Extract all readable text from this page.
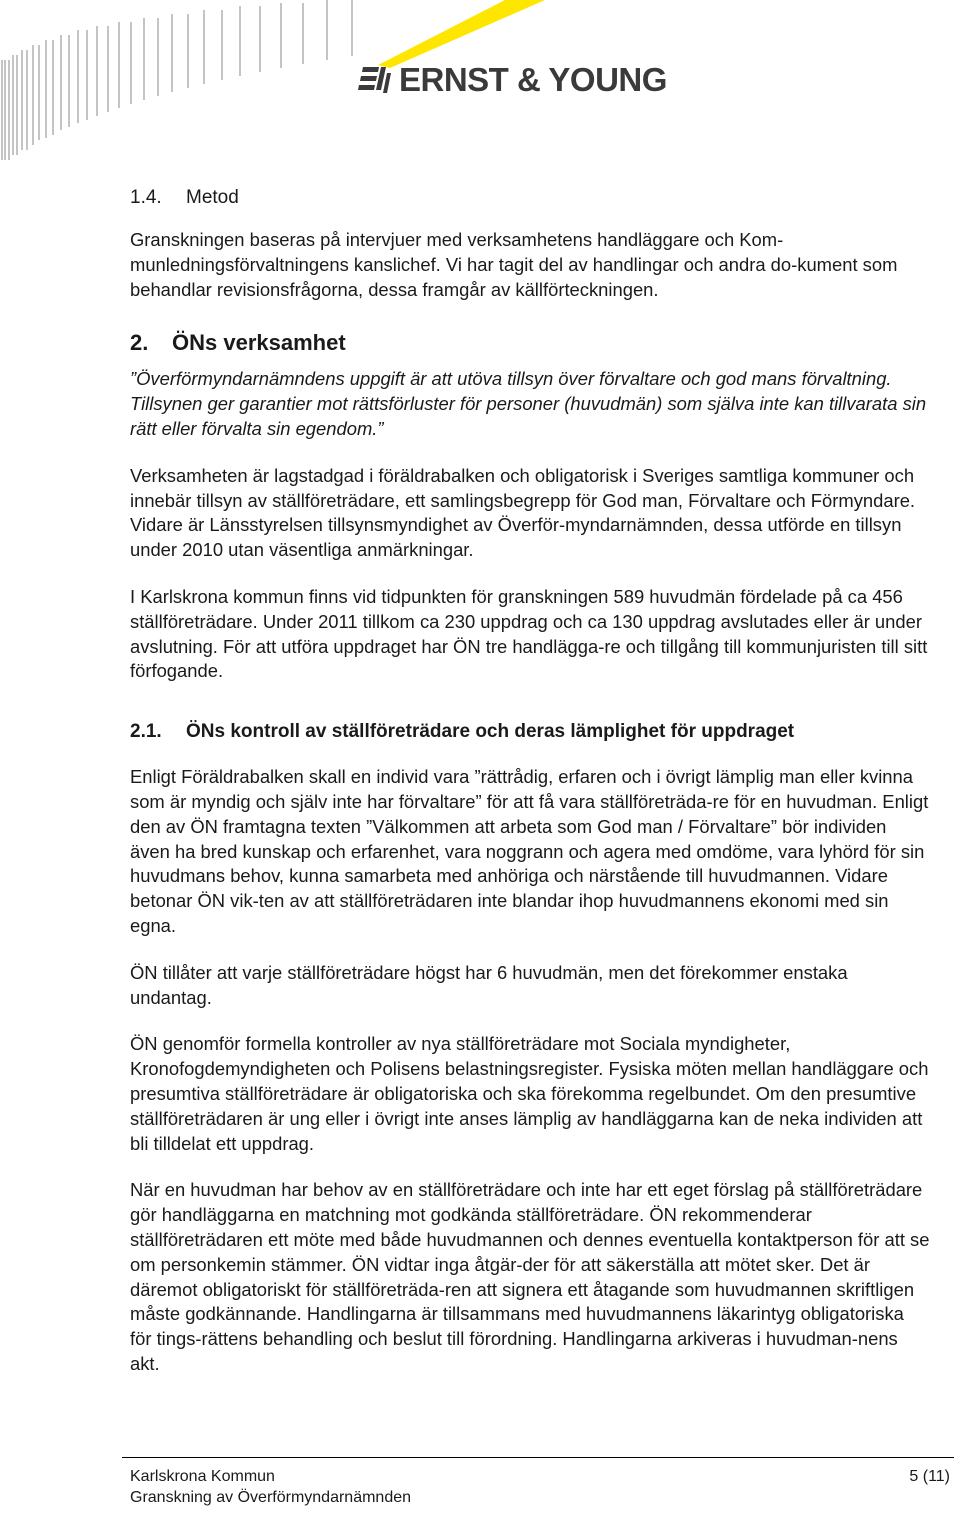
ERNST & YOUNG
1.4.	Metod

Granskningen baseras på intervjuer med verksamhetens handläggare och Kom-munledningsförvaltningens kanslichef. Vi har tagit del av handlingar och andra do-kument som behandlar revisionsfrågorna, dessa framgår av källförteckningen.

2. ÖNs verksamhet

”Överförmyndarnämndens uppgift är att utöva tillsyn över förvaltare och god mans förvaltning. Tillsynen ger garantier mot rättsförluster för personer (huvudmän) som själva inte kan tillvarata sin rätt eller förvalta sin egendom.”

Verksamheten är lagstadgad i föräldrabalken och obligatorisk i Sveriges samtliga kommuner och innebär tillsyn av ställföreträdare, ett samlingsbegrepp för God man, Förvaltare och Förmyndare. Vidare är Länsstyrelsen tillsynsmyndighet av Överför-myndarnämnden, dessa utförde en tillsyn under 2010 utan väsentliga anmärkningar.

I Karlskrona kommun finns vid tidpunkten för granskningen 589 huvudmän fördelade på ca 456 ställföreträdare. Under 2011 tillkom ca 230 uppdrag och ca 130 uppdrag avslutades eller är under avslutning. För att utföra uppdraget har ÖN tre handlägga-re och tillgång till kommunjuristen till sitt förfogande.

2.1.	ÖNs kontroll av ställföreträdare och deras lämplighet för uppdraget

Enligt Föräldrabalken skall en individ vara ”rättrådig, erfaren och i övrigt lämplig man eller kvinna som är myndig och själv inte har förvaltare” för att få vara ställföreträda-re för en huvudman. Enligt den av ÖN framtagna texten ”Välkommen att arbeta som God man / Förvaltare” bör individen även ha bred kunskap och erfarenhet, vara noggrann och agera med omdöme, vara lyhörd för sin huvudmans behov, kunna samarbeta med anhöriga och närstående till huvudmannen. Vidare betonar ÖN vik-ten av att ställföreträdaren inte blandar ihop huvudmannens ekonomi med sin egna.

ÖN tillåter att varje ställföreträdare högst har 6 huvudmän, men det förekommer enstaka undantag.

ÖN genomför formella kontroller av nya ställföreträdare mot Sociala myndigheter, Kronofogdemyndigheten och Polisens belastningsregister. Fysiska möten mellan handläggare och presumtiva ställföreträdare är obligatoriska och ska förekomma regelbundet. Om den presumtive ställföreträdaren är ung eller i övrigt inte anses lämplig av handläggarna kan de neka individen att bli tilldelat ett uppdrag.

När en huvudman har behov av en ställföreträdare och inte har ett eget förslag på ställföreträdare gör handläggarna en matchning mot godkända ställföreträdare. ÖN rekommenderar ställföreträdaren ett möte med både huvudmannen och dennes eventuella kontaktperson för att se om personkemin stämmer. ÖN vidtar inga åtgär-der för att säkerställa att mötet sker. Det är däremot obligatoriskt för ställföreträda-ren att signera ett åtagande som huvudmannen skriftligen måste godkännande. Handlingarna är tillsammans med huvudmannens läkarintyg obligatoriska för tings-rättens behandling och beslut till förordning. Handlingarna arkiveras i huvudman-nens akt.

Karlskrona Kommun	5 (11)
Granskning av Överförmyndarnämnden
